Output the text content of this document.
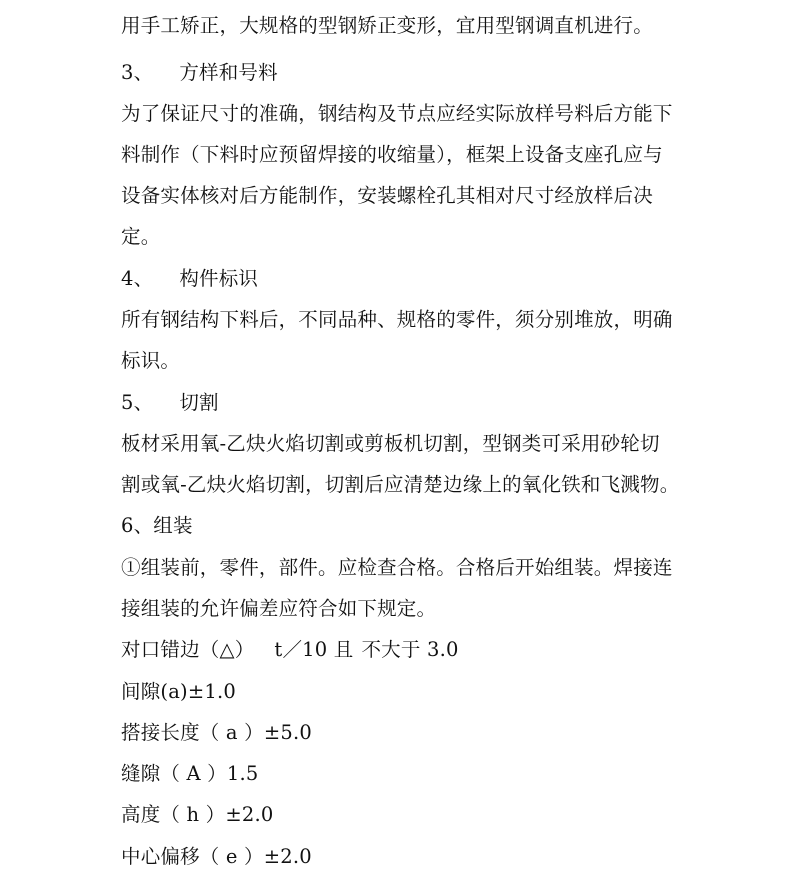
用手工矫正，大规格的型钢矫正变形，宜用型钢调直机进行。
3、 方样和号料
为了保证尺寸的准确，钢结构及节点应经实际放样号料后方能下
料制作（下料时应预留焊接的收缩量），框架上设备支座孔应与
设备实体核对后方能制作，安装螺栓孔其相对尺寸经放样后决
定。
4、 构件标识
所有钢结构下料后，不同品种、规格的零件，须分别堆放，明确
标识。
5、 切割
板材采用氧-乙炔火焰切割或剪板机切割，型钢类可采用砂轮切
割或氧-乙炔火焰切割，切割后应清楚边缘上的氧化铁和飞溅物。
6、组装
①组装前，零件，部件。应检查合格。合格后开始组装。焊接连
接组装的允许偏差应符合如下规定。
对口错边（△） t／10 且 不大于 3.0
间隙(a)±1.0
搭接长度（ a ）±5.0
缝隙（ A ）1.5
高度（ h ）±2.0
中心偏移（ e ）±2.0
